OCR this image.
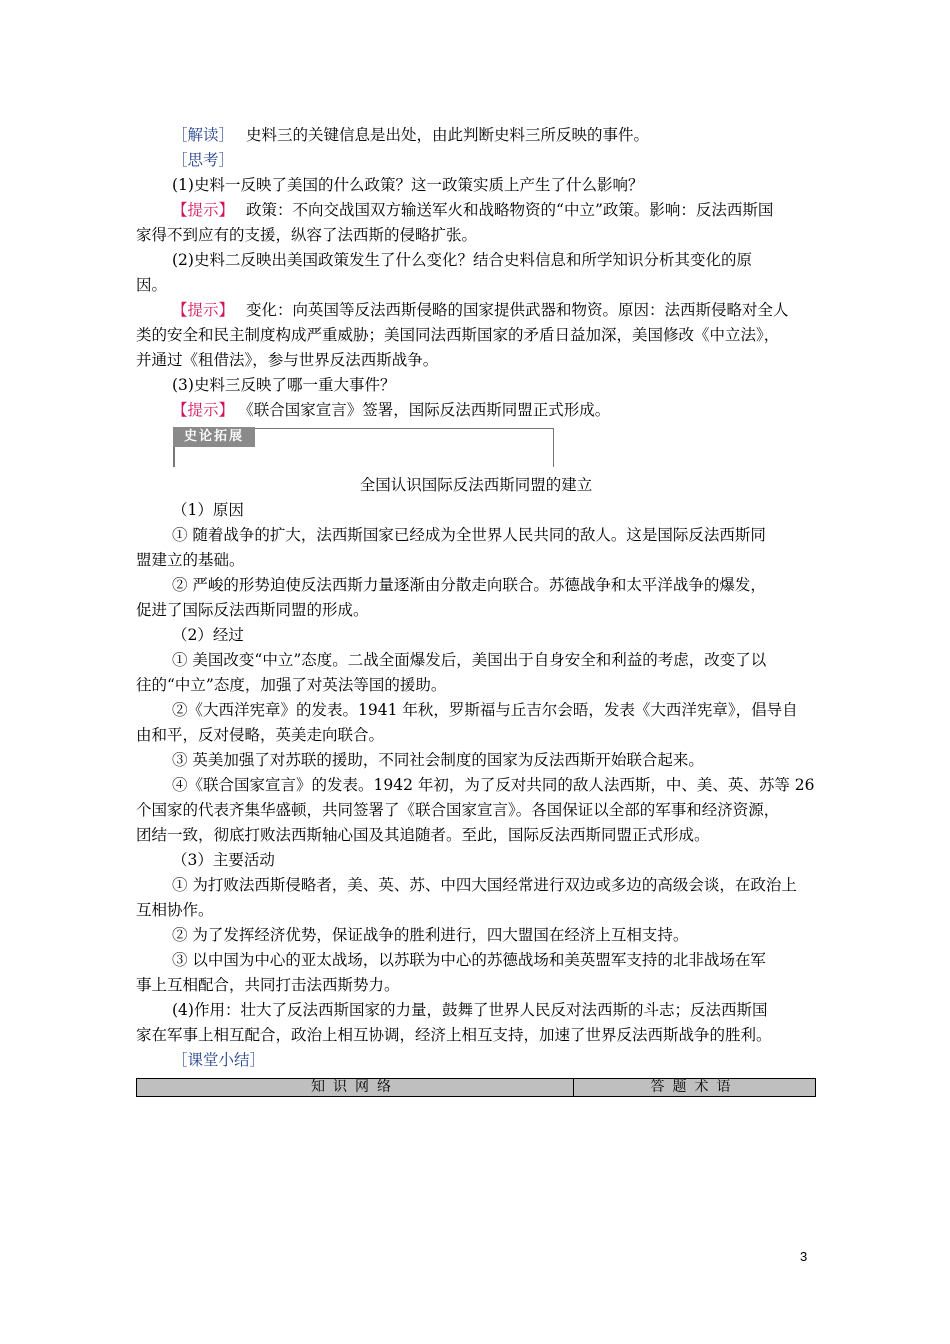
［解读］ 史料三的关键信息是出处，由此判断史料三所反映的事件。
［思考］
(1)史料一反映了美国的什么政策？这一政策实质上产生了什么影响？
【提示】 政策：不向交战国双方输送军火和战略物资的“中立”政策。影响：反法西斯国
家得不到应有的支援，纵容了法西斯的侵略扩张。
(2)史料二反映出美国政策发生了什么变化？结合史料信息和所学知识分析其变化的原
因。
【提示】 变化：向英国等反法西斯侵略的国家提供武器和物资。原因：法西斯侵略对全人
类的安全和民主制度构成严重威胁；美国同法西斯国家的矛盾日益加深，美国修改《中立法》，
并通过《租借法》，参与世界反法西斯战争。
(3)史料三反映了哪一重大事件？
【提示】 《联合国家宣言》签署，国际反法西斯同盟正式形成。
史论拓展
全国认识国际反法西斯同盟的建立
（1）原因
① 随着战争的扩大，法西斯国家已经成为全世界人民共同的敌人。这是国际反法西斯同
盟建立的基础。
② 严峻的形势迫使反法西斯力量逐渐由分散走向联合。苏德战争和太平洋战争的爆发，
促进了国际反法西斯同盟的形成。
（2）经过
① 美国改变“中立”态度。二战全面爆发后，美国出于自身安全和利益的考虑，改变了以
往的“中立”态度，加强了对英法等国的援助。
②《大西洋宪章》的发表。1941 年秋，罗斯福与丘吉尔会晤，发表《大西洋宪章》，倡导自
由和平，反对侵略，英美走向联合。
③ 英美加强了对苏联的援助，不同社会制度的国家为反法西斯开始联合起来。
④《联合国家宣言》的发表。1942 年初，为了反对共同的敌人法西斯，中、美、英、苏等 26
个国家的代表齐集华盛顿，共同签署了《联合国家宣言》。各国保证以全部的军事和经济资源，
团结一致，彻底打败法西斯轴心国及其追随者。至此，国际反法西斯同盟正式形成。
（3）主要活动
① 为打败法西斯侵略者，美、英、苏、中四大国经常进行双边或多边的高级会谈，在政治上
互相协作。
② 为了发挥经济优势，保证战争的胜利进行，四大盟国在经济上互相支持。
③ 以中国为中心的亚太战场，以苏联为中心的苏德战场和美英盟军支持的北非战场在军
事上互相配合，共同打击法西斯势力。
(4)作用：壮大了反法西斯国家的力量，鼓舞了世界人民反对法西斯的斗志；反法西斯国
家在军事上相互配合，政治上相互协调，经济上相互支持，加速了世界反法西斯战争的胜利。
［课堂小结］
知识网络	答题术语
3
